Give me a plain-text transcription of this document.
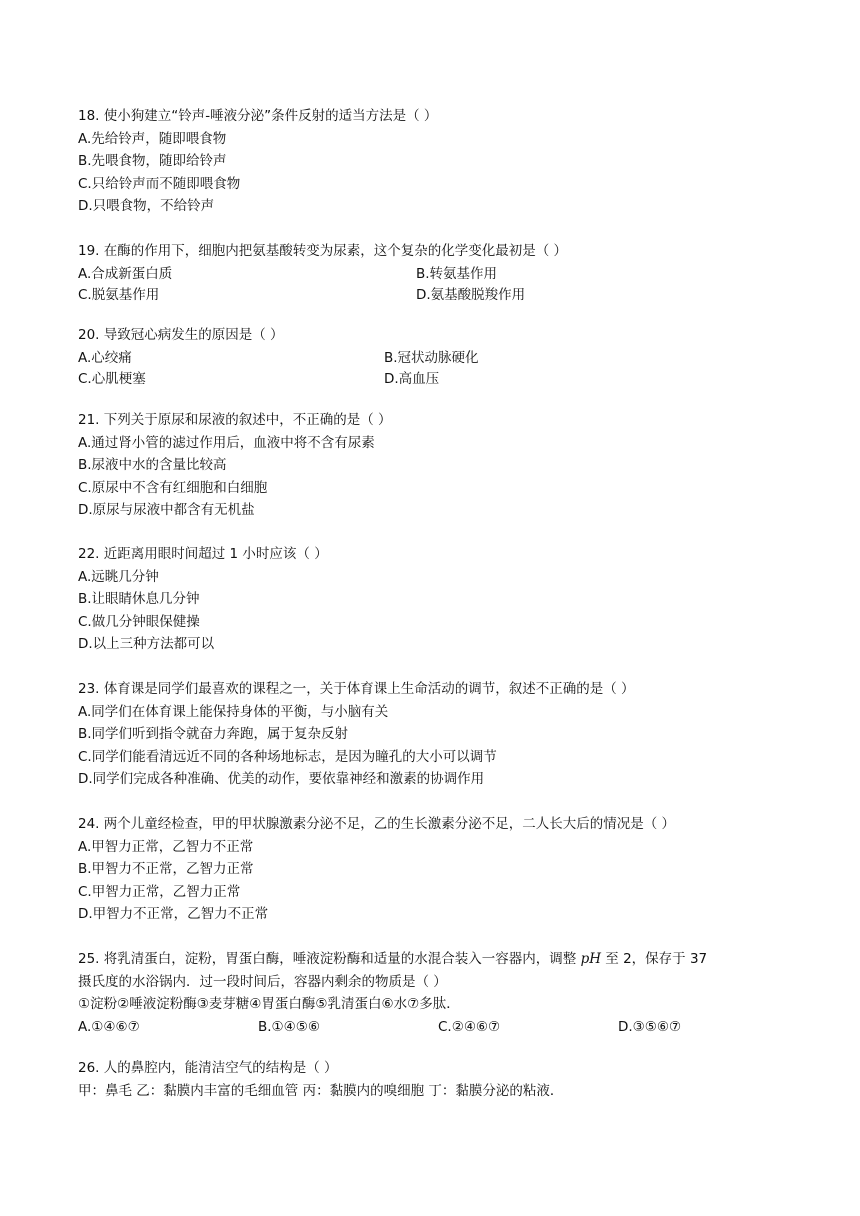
18. 使小狗建立“铃声-唾液分泌”条件反射的适当方法是（ ）
A.先给铃声，随即喂食物
B.先喂食物，随即给铃声
C.只给铃声而不随即喂食物
D.只喂食物，不给铃声
19. 在酶的作用下，细胞内把氨基酸转变为尿素，这个复杂的化学变化最初是（ ）
A.合成新蛋白质	B.转氨基作用
C.脱氨基作用	D.氨基酸脱羧作用
20. 导致冠心病发生的原因是（ ）
A.心绞痛	B.冠状动脉硬化
C.心肌梗塞	D.高血压
21. 下列关于原尿和尿液的叙述中，不正确的是（ ）
A.通过肾小管的滤过作用后，血液中将不含有尿素
B.尿液中水的含量比较高
C.原尿中不含有红细胞和白细胞
D.原尿与尿液中都含有无机盐
22. 近距离用眼时间超过 1 小时应该（ ）
A.远眺几分钟
B.让眼睛休息几分钟
C.做几分钟眼保健操
D.以上三种方法都可以
23. 体育课是同学们最喜欢的课程之一，关于体育课上生命活动的调节，叙述不正确的是（ ）
A.同学们在体育课上能保持身体的平衡，与小脑有关
B.同学们听到指令就奋力奔跑，属于复杂反射
C.同学们能看清远近不同的各种场地标志，是因为瞳孔的大小可以调节
D.同学们完成各种准确、优美的动作，要依靠神经和激素的协调作用
24. 两个儿童经检查，甲的甲状腺激素分泌不足，乙的生长激素分泌不足，二人长大后的情况是（ ）
A.甲智力正常，乙智力不正常
B.甲智力不正常，乙智力正常
C.甲智力正常，乙智力正常
D.甲智力不正常，乙智力不正常
25. 将乳清蛋白，淀粉，胃蛋白酶，唾液淀粉酶和适量的水混合装入一容器内，调整 pH 至 2，保存于 37
摄氏度的水浴锅内．过一段时间后，容器内剩余的物质是（ ）
①淀粉②唾液淀粉酶③麦芽糖④胃蛋白酶⑤乳清蛋白⑥水⑦多肽．
A.①④⑥⑦	B.①④⑤⑥	C.②④⑥⑦	D.③⑤⑥⑦
26. 人的鼻腔内，能清洁空气的结构是（ ）
甲：鼻毛 乙：黏膜内丰富的毛细血管 丙：黏膜内的嗅细胞 丁：黏膜分泌的粘液．
